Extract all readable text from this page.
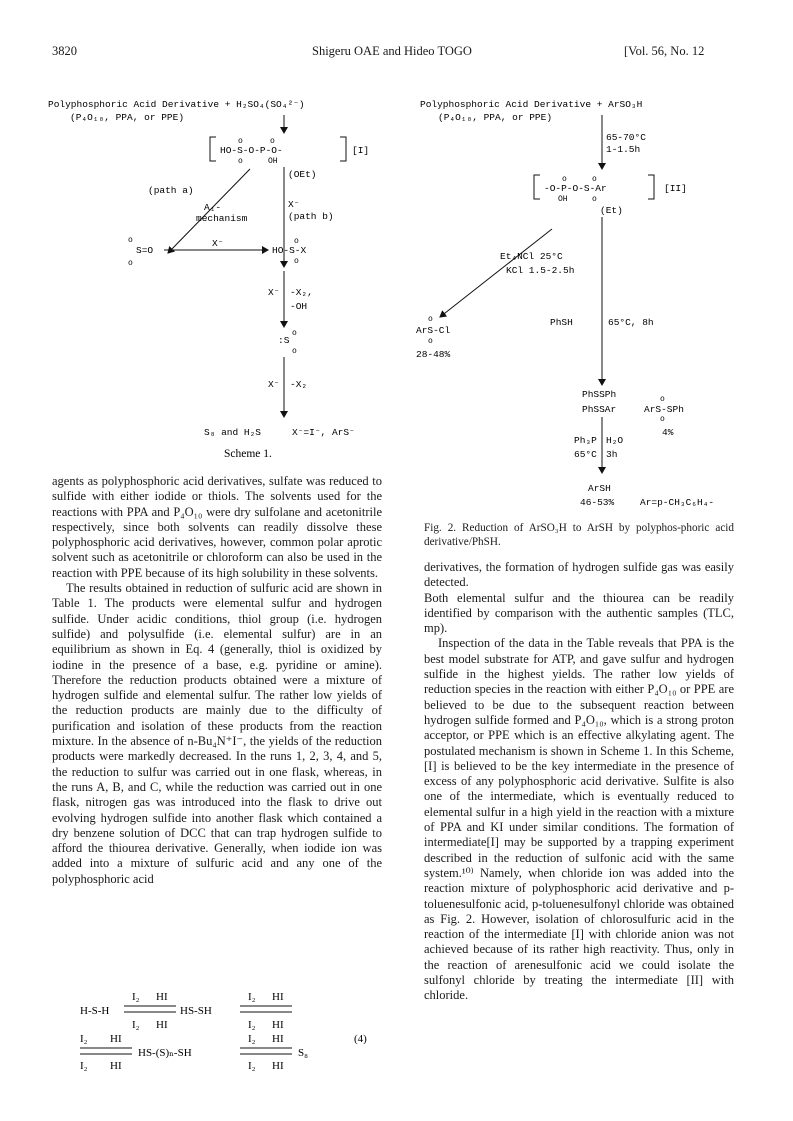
3820	Shigeru OAE and Hideo TOGO	[Vol. 56, No. 12
Polyphosphoric Acid Derivative + H₂SO₄(SO₄²⁻)
(P₄O₁₀, PPA, or PPE)
HO-S-O-P-O-
o	o
o	OH
[I]
(OEt)
(path a)
A₁-
mechanism
X⁻
(path b)
o
S=O
o
X⁻
HO-S-X
o
o
X⁻ -X₂,
-OH
:S
o
o
X⁻ -X₂
S₈ and H₂S	X⁻=I⁻, ArS⁻
Scheme 1.
Polyphosphoric Acid Derivative + ArSO₃H
(P₄O₁₀, PPA, or PPE)
65-70°C
1-1.5h
-O-P-O-S-Ar
o	o
OH	o
[II]
(Et)
Et₄NCl 25°C
KCl 1.5-2.5h
o
ArS-Cl
o
28-48%
PhSH	65°C, 8h
PhSSPh
PhSSAr
o
ArS-SPh
o
4%
Ph₃P H₂O
65°C 3h
ArSH
46-53%	Ar=p-CH₃C₆H₄-
Fig. 2. Reduction of ArSO₃H to ArSH by polyphos-phoric acid derivative/PhSH.

agents as polyphosphoric acid derivatives, sulfate was reduced to sulfide with either iodide or thiols. The solvents used for the reactions with PPA and P₄O₁₀ were dry sulfolane and acetonitrile respectively, since both solvents can readily dissolve these polyphosphoric acid derivatives, however, common polar aprotic solvent such as acetonitrile or chloroform can also be used in the reaction with PPE because of its high solubility in these solvents.

The results obtained in reduction of sulfuric acid are shown in Table 1. The products were elemental sulfur and hydrogen sulfide. Under acidic conditions, thiol group (i.e. hydrogen sulfide) and polysulfide (i.e. elemental sulfur) are in an equilibrium as shown in Eq. 4 (generally, thiol is oxidized by iodine in the presence of a base, e.g. pyridine or amine). Therefore the reduction products obtained were a mixture of hydrogen sulfide and elemental sulfur. The rather low yields of the reduction products are mainly due to the difficulty of purification and isolation of these products from the reaction mixture. In the absence of n-Bu₄N⁺I⁻, the yields of the reduction products were markedly decreased. In the runs 1, 2, 3, 4, and 5, the reduction to sulfur was carried out in one flask, whereas, in the runs A, B, and C, while the reduction was carried out in one flask, nitrogen gas was introduced into the flask to drive out evolving hydrogen sulfide into another flask which contained a dry benzene solution of DCC that can trap hydrogen sulfide to afford the thiourea derivative. Generally, when iodide ion was added into a mixture of sulfuric acid and any one of the polyphosphoric acid

H-S-H
I₂ HI
I₂ HI
HS-SH
I₂ HI
I₂ HI
I₂ HI
I₂ HI
HS-(S)ₙ-SH
I₂ HI
I₂ HI
S₈
(4)

derivatives, the formation of hydrogen sulfide gas was easily detected.

Both elemental sulfur and the thiourea can be readily identified by comparison with the authentic samples (TLC, mp).

Inspection of the data in the Table reveals that PPA is the best model substrate for ATP, and gave sulfur and hydrogen sulfide in the highest yields. The rather low yields of reduction species in the reaction with either P₄O₁₀ or PPE are believed to be due to the subsequent reaction between hydrogen sulfide formed and P₄O₁₀, which is a strong proton acceptor, or PPE which is an effective alkylating agent. The postulated mechanism is shown in Scheme 1. In this Scheme, [I] is believed to be the key intermediate in the presence of excess of any polyphosphoric acid derivative. Sulfite is also one of the intermediate, which is eventually reduced to elemental sulfur in a high yield in the reaction with a mixture of PPA and KI under similar conditions. The formation of intermediate[I] may be supported by a trapping experiment described in the reduction of sulfonic acid with the same system.¹⁰⁾ Namely, when chloride ion was added into the reaction mixture of polyphosphoric acid derivative and p-toluenesulfonic acid, p-toluenesulfonyl chloride was obtained as Fig. 2. However, isolation of chlorosulfuric acid in the reaction of the intermediate [I] with chloride anion was not achieved because of its rather high reactivity. Thus, only in the reaction of arenesulfonic acid we could isolate the sulfonyl chloride by treating the intermediate [II] with chloride.
